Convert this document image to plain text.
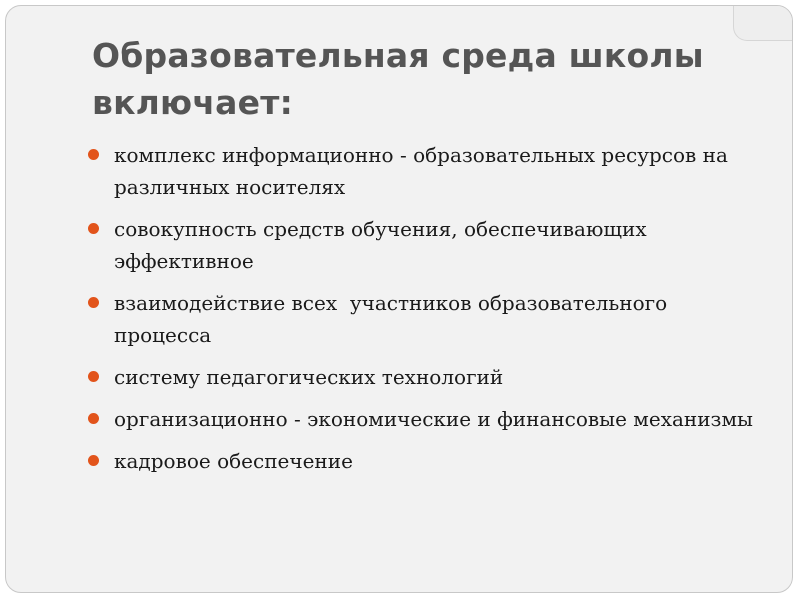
Образовательная среда школы включает:
комплекс информационно - образовательных ресурсов на различных носителях
совокупность средств обучения, обеспечивающих эффективное
взаимодействие всех  участников образовательного процесса
систему педагогических технологий
организационно - экономические и финансовые механизмы
кадровое обеспечение
